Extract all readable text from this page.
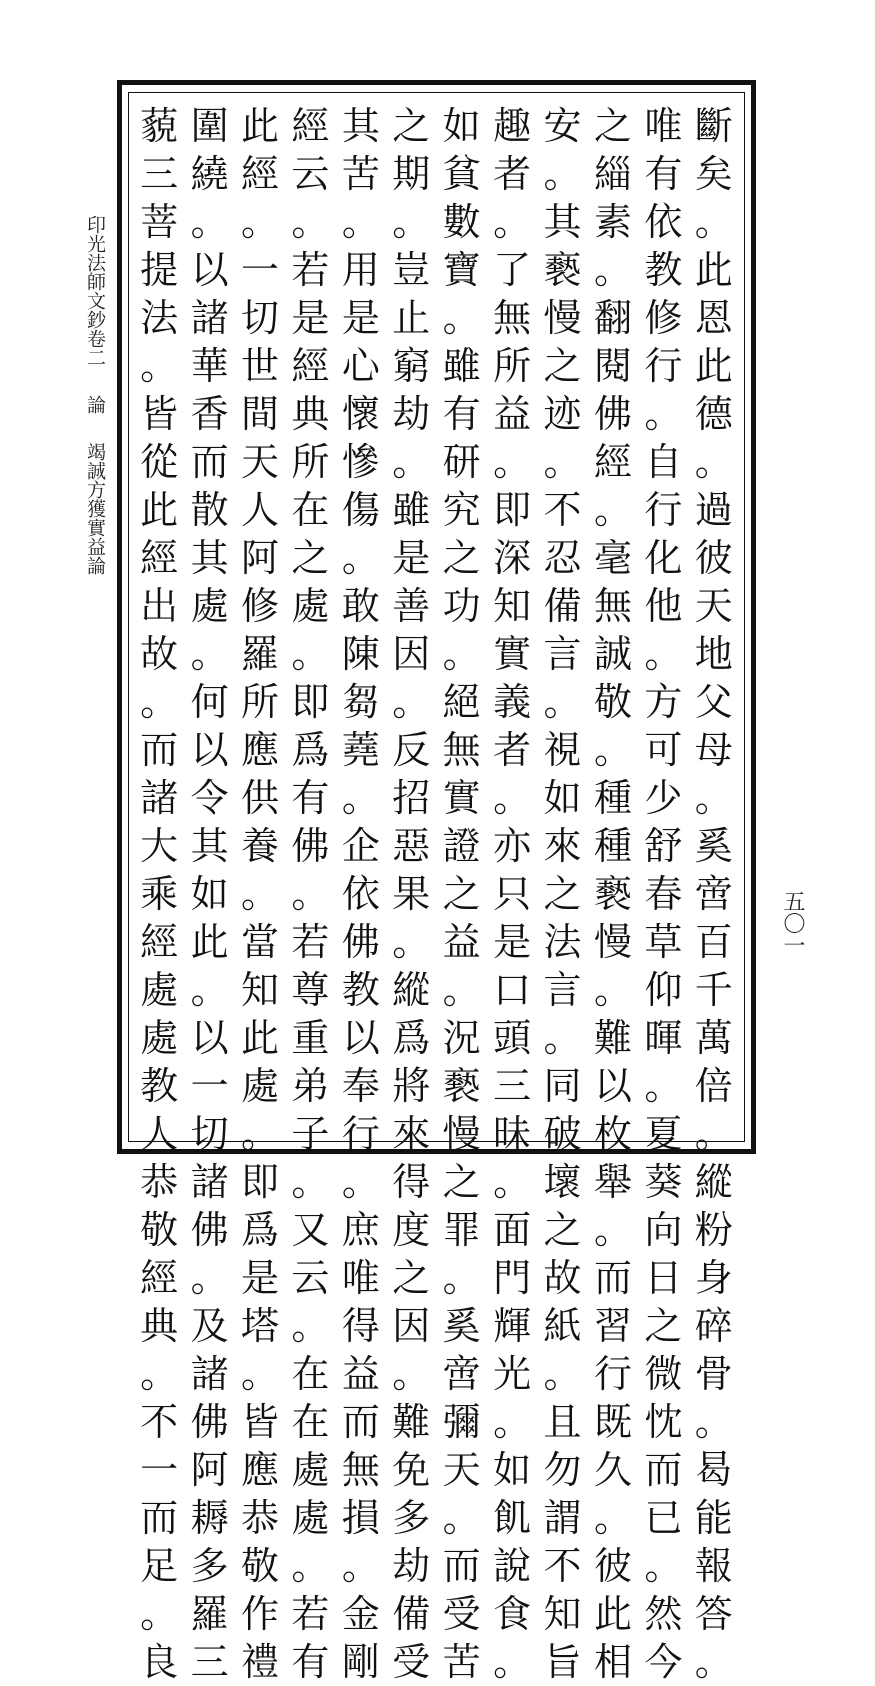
印光法師文鈔卷二論竭誠方獲實益論
五〇一
斷
矣
。
此
恩
此
德
。
過
彼
天
地
父
母
。
奚
啻
百
千
萬
倍
。
縱
粉
身
碎
骨
。
曷
能
報
答
。
唯
有
依
教
修
行
。
自
行
化
他
。
方
可
少
舒
春
草
仰
暉
。
夏
葵
向
日
之
微
忱
而
已
。
然
今
之
緇
素
。
翻
閱
佛
經
。
毫
無
誠
敬
。
種
種
褻
慢
。
難
以
枚
舉
。
而
習
行
既
久
。
彼
此
相
安
。
其
褻
慢
之
迹
。
不
忍
備
言
。
視
如
來
之
法
言
。
同
破
壞
之
故
紙
。
且
勿
謂
不
知
旨
趣
者
。
了
無
所
益
。
即
深
知
實
義
者
。
亦
只
是
口
頭
三
昧
。
面
門
輝
光
。
如
飢
說
食
。
如
貧
數
寶
。
雖
有
研
究
之
功
。
絕
無
實
證
之
益
。
況
褻
慢
之
罪
。
奚
啻
彌
天
。
而
受
苦
之
期
。
豈
止
窮
劫
。
雖
是
善
因
。
反
招
惡
果
。
縱
爲
將
來
得
度
之
因
。
難
免
多
劫
備
受
其
苦
。
用
是
心
懷
慘
傷
。
敢
陳
芻
蕘
。
企
依
佛
教
以
奉
行
。
庶
唯
得
益
而
無
損
。
金
剛
經
云
。
若
是
經
典
所
在
之
處
。
即
爲
有
佛
。
若
尊
重
弟
子
。
又
云
。
在
在
處
處
。
若
有
此
經
。
一
切
世
間
天
人
阿
修
羅
所
應
供
養
。
當
知
此
處
。
即
爲
是
塔
。
皆
應
恭
敬
作
禮
圍
繞
。
以
諸
華
香
而
散
其
處
。
何
以
令
其
如
此
。
以
一
切
諸
佛
。
及
諸
佛
阿
耨
多
羅
三
藐
三
菩
提
法
。
皆
從
此
經
出
故
。
而
諸
大
乘
經
處
處
教
人
恭
敬
經
典
。
不
一
而
足
。
良
